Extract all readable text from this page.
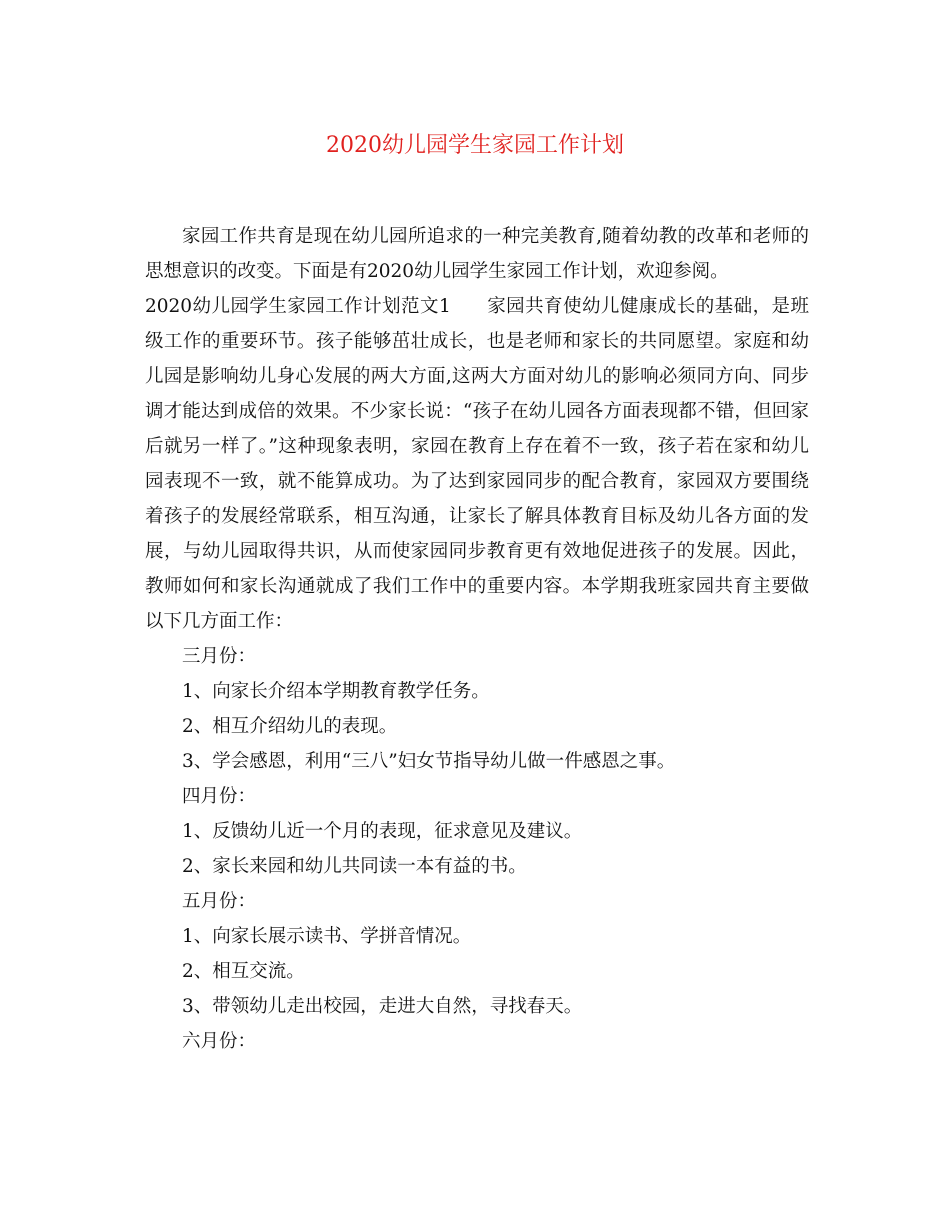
2020幼儿园学生家园工作计划

家园工作共育是现在幼儿园所追求的一种完美教育,随着幼教的改革和老师的思想意识的改变。下面是有2020幼儿园学生家园工作计划，欢迎参阅。

2020幼儿园学生家园工作计划范文1 家园共育使幼儿健康成长的基础，是班级工作的重要环节。孩子能够茁壮成长，也是老师和家长的共同愿望。家庭和幼儿园是影响幼儿身心发展的两大方面,这两大方面对幼儿的影响必须同方向、同步调才能达到成倍的效果。不少家长说：“孩子在幼儿园各方面表现都不错，但回家后就另一样了。”这种现象表明，家园在教育上存在着不一致，孩子若在家和幼儿园表现不一致，就不能算成功。为了达到家园同步的配合教育，家园双方要围绕着孩子的发展经常联系，相互沟通，让家长了解具体教育目标及幼儿各方面的发展，与幼儿园取得共识，从而使家园同步教育更有效地促进孩子的发展。因此，教师如何和家长沟通就成了我们工作中的重要内容。本学期我班家园共育主要做以下几方面工作：

三月份：

1、向家长介绍本学期教育教学任务。

2、相互介绍幼儿的表现。

3、学会感恩，利用“三八”妇女节指导幼儿做一件感恩之事。

四月份：

1、反馈幼儿近一个月的表现，征求意见及建议。

2、家长来园和幼儿共同读一本有益的书。

五月份：

1、向家长展示读书、学拼音情况。

2、相互交流。

3、带领幼儿走出校园，走进大自然，寻找春天。

六月份：
